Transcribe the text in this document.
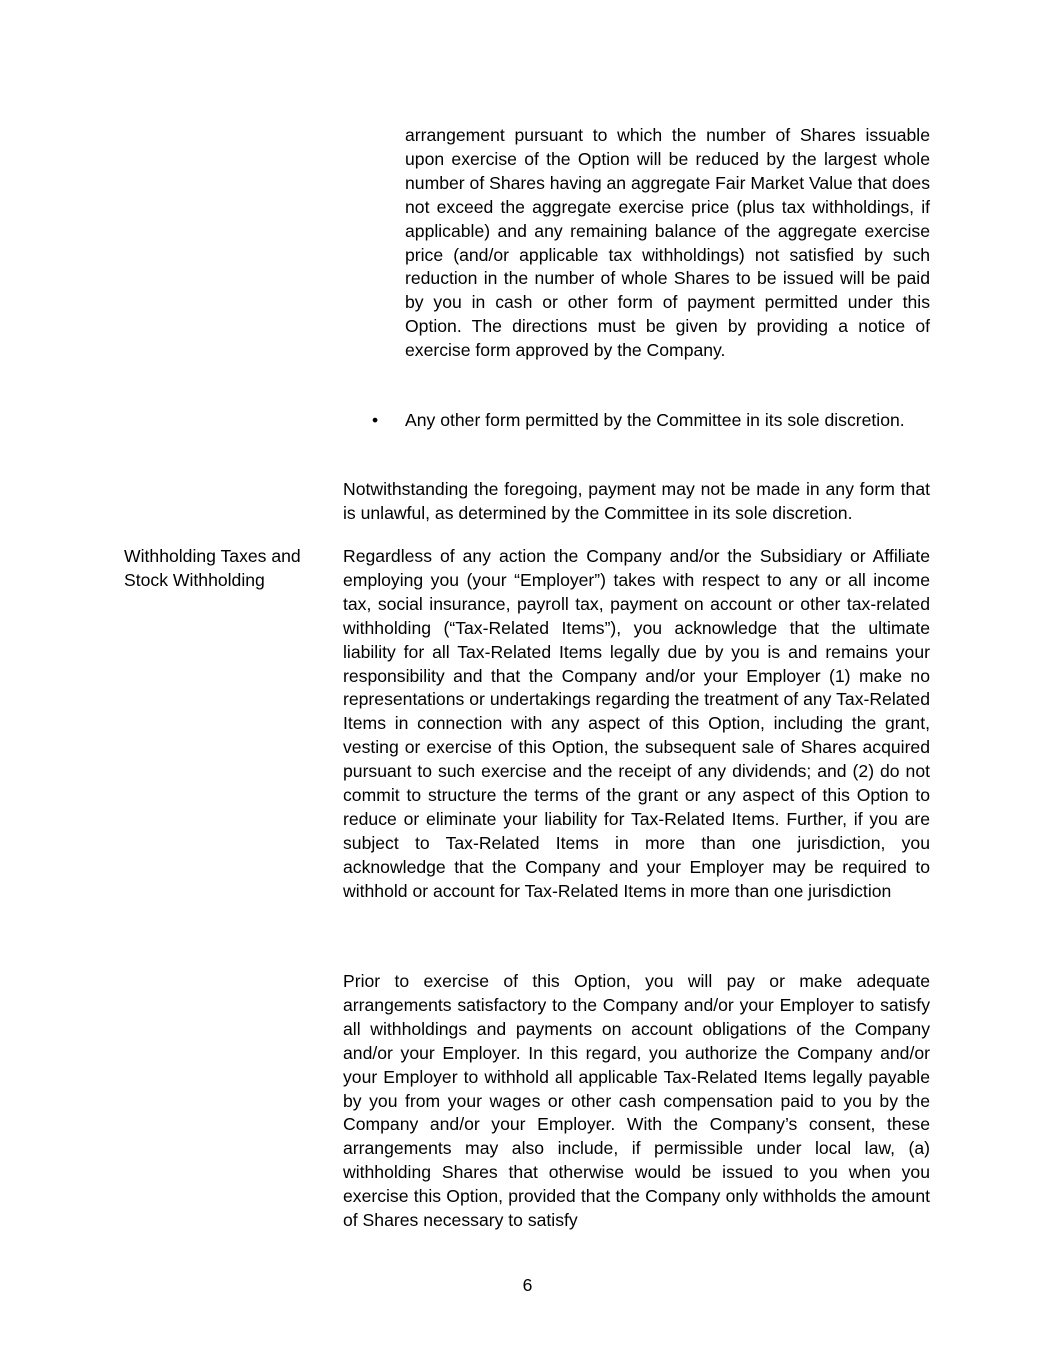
arrangement pursuant to which the number of Shares issuable upon exercise of the Option will be reduced by the largest whole number of Shares having an aggregate Fair Market Value that does not exceed the aggregate exercise price (plus tax withholdings, if applicable) and any remaining balance of the aggregate exercise price (and/or applicable tax withholdings) not satisfied by such reduction in the number of whole Shares to be issued will be paid by you in cash or other form of payment permitted under this Option. The directions must be given by providing a notice of exercise form approved by the Company.

• Any other form permitted by the Committee in its sole discretion.

Notwithstanding the foregoing, payment may not be made in any form that is unlawful, as determined by the Committee in its sole discretion.

Withholding Taxes and Stock Withholding

Regardless of any action the Company and/or the Subsidiary or Affiliate employing you (your “Employer”) takes with respect to any or all income tax, social insurance, payroll tax, payment on account or other tax-related withholding (“Tax-Related Items”), you acknowledge that the ultimate liability for all Tax-Related Items legally due by you is and remains your responsibility and that the Company and/or your Employer (1) make no representations or undertakings regarding the treatment of any Tax-Related Items in connection with any aspect of this Option, including the grant, vesting or exercise of this Option, the subsequent sale of Shares acquired pursuant to such exercise and the receipt of any dividends; and (2) do not commit to structure the terms of the grant or any aspect of this Option to reduce or eliminate your liability for Tax-Related Items. Further, if you are subject to Tax-Related Items in more than one jurisdiction, you acknowledge that the Company and your Employer may be required to withhold or account for Tax-Related Items in more than one jurisdiction

Prior to exercise of this Option, you will pay or make adequate arrangements satisfactory to the Company and/or your Employer to satisfy all withholdings and payments on account obligations of the Company and/or your Employer. In this regard, you authorize the Company and/or your Employer to withhold all applicable Tax-Related Items legally payable by you from your wages or other cash compensation paid to you by the Company and/or your Employer. With the Company’s consent, these arrangements may also include, if permissible under local law, (a) withholding Shares that otherwise would be issued to you when you exercise this Option, provided that the Company only withholds the amount of Shares necessary to satisfy

6
